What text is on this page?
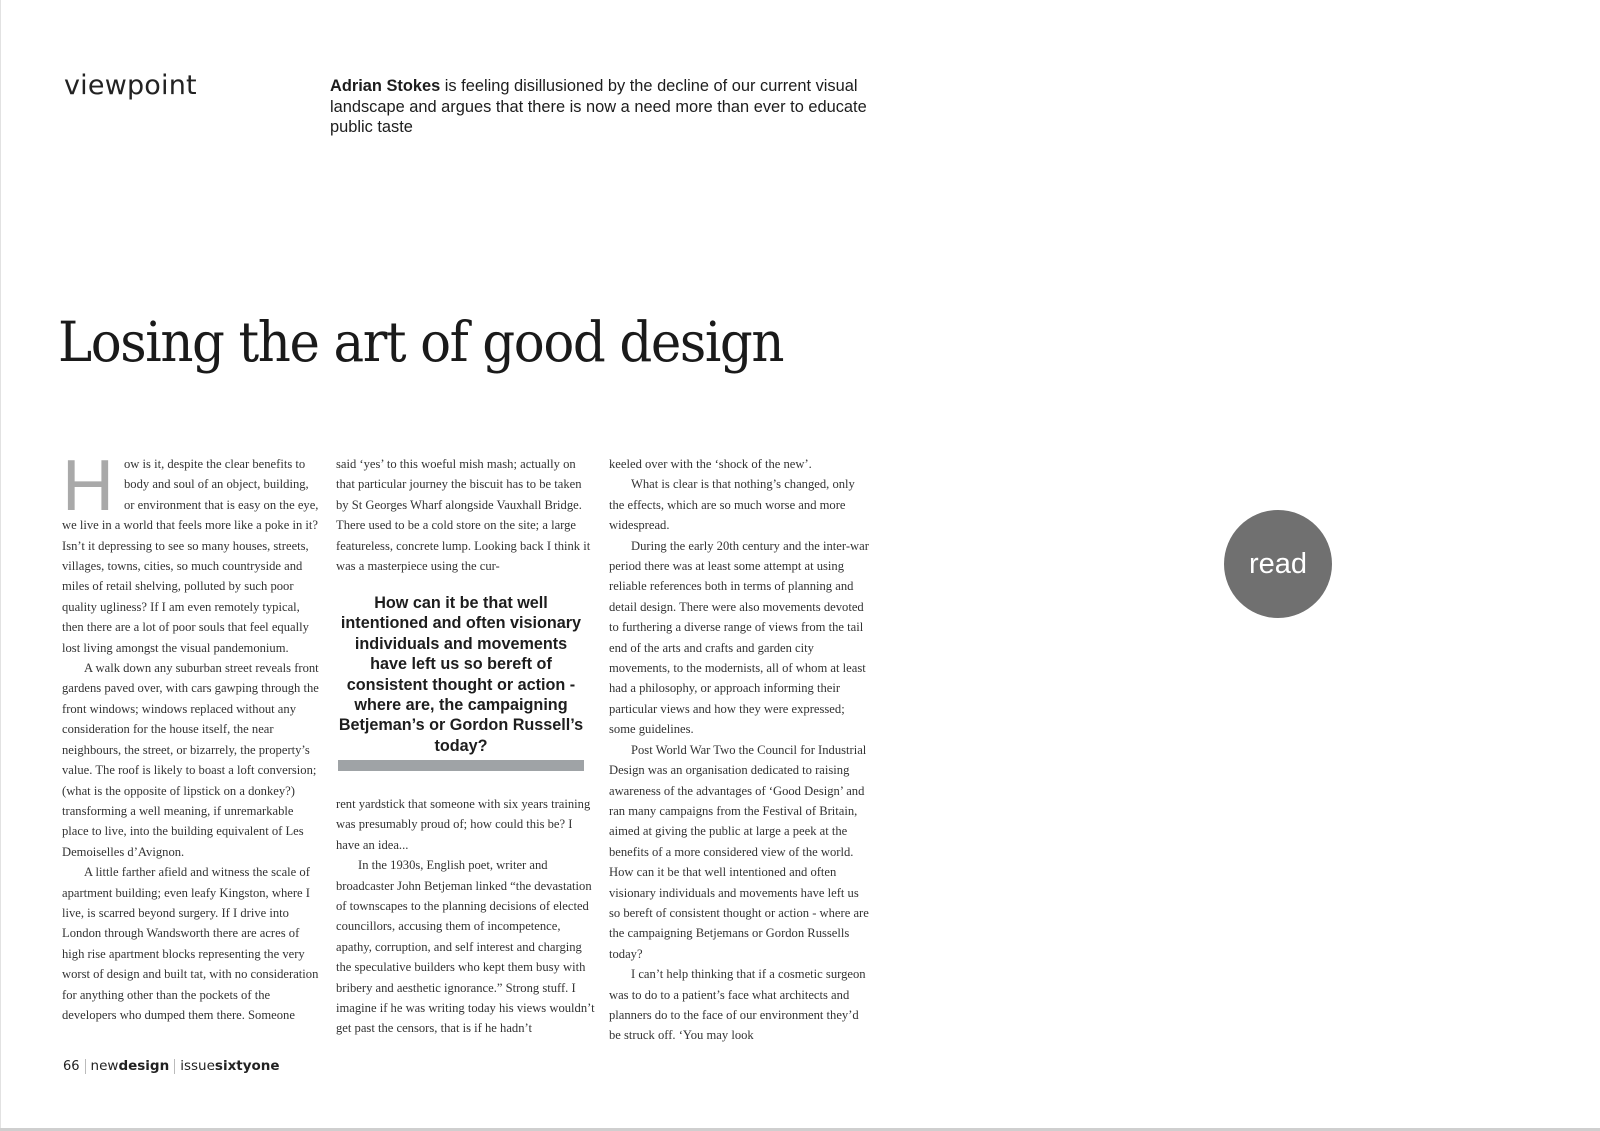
viewpoint	Adrian Stokes is feeling disillusioned by the decline of our current visual landscape and argues that there is now a need more than ever to educate public taste
Losing the art of good design

How is it, despite the clear benefits to body and soul of an object, building, or environment that is easy on the eye, we live in a world that feels more like a poke in it? Isn’t it depressing to see so many houses, streets, villages, towns, cities, so much countryside and miles of retail shelving, polluted by such poor quality ugliness? If I am even remotely typical, then there are a lot of poor souls that feel equally lost living amongst the visual pandemonium.

A walk down any suburban street reveals front gardens paved over, with cars gawping through the front windows; windows replaced without any consideration for the house itself, the near neighbours, the street, or bizarrely, the property’s value. The roof is likely to boast a loft conversion; (what is the opposite of lipstick on a donkey?) transforming a well meaning, if unremarkable place to live, into the building equivalent of Les Demoiselles d’Avignon.

A little farther afield and witness the scale of apartment building; even leafy Kingston, where I live, is scarred beyond surgery. If I drive into London through Wandsworth there are acres of high rise apartment blocks representing the very worst of design and built tat, with no consideration for anything other than the pockets of the developers who dumped them there. Someone

said ‘yes’ to this woeful mish mash; actually on that particular journey the biscuit has to be taken by St Georges Wharf alongside Vauxhall Bridge. There used to be a cold store on the site; a large featureless, concrete lump. Looking back I think it was a masterpiece using the cur-

How can it be that well intentioned and often visionary individuals and movements have left us so bereft of consistent thought or action - where are, the campaigning Betjeman’s or Gordon Russell’s today?

rent yardstick that someone with six years training was presumably proud of; how could this be? I have an idea...

In the 1930s, English poet, writer and broadcaster John Betjeman linked “the devastation of townscapes to the planning decisions of elected councillors, accusing them of incompetence, apathy, corruption, and self interest and charging the speculative builders who kept them busy with bribery and aesthetic ignorance.” Strong stuff. I imagine if he was writing today his views wouldn’t get past the censors, that is if he hadn’t

keeled over with the ‘shock of the new’.

What is clear is that nothing’s changed, only the effects, which are so much worse and more widespread.

During the early 20th century and the inter-war period there was at least some attempt at using reliable references both in terms of planning and detail design. There were also movements devoted to furthering a diverse range of views from the tail end of the arts and crafts and garden city movements, to the modernists, all of whom at least had a philosophy, or approach informing their particular views and how they were expressed; some guidelines.

Post World War Two the Council for Industrial Design was an organisation dedicated to raising awareness of the advantages of ‘Good Design’ and ran many campaigns from the Festival of Britain, aimed at giving the public at large a peek at the benefits of a more considered view of the world. How can it be that well intentioned and often visionary individuals and movements have left us so bereft of consistent thought or action - where are the campaigning Betjemans or Gordon Russells today?

I can’t help thinking that if a cosmetic surgeon was to do to a patient’s face what architects and planners do to the face of our environment they’d be struck off. ‘You may look

66 newdesign issuesixtyone
read
